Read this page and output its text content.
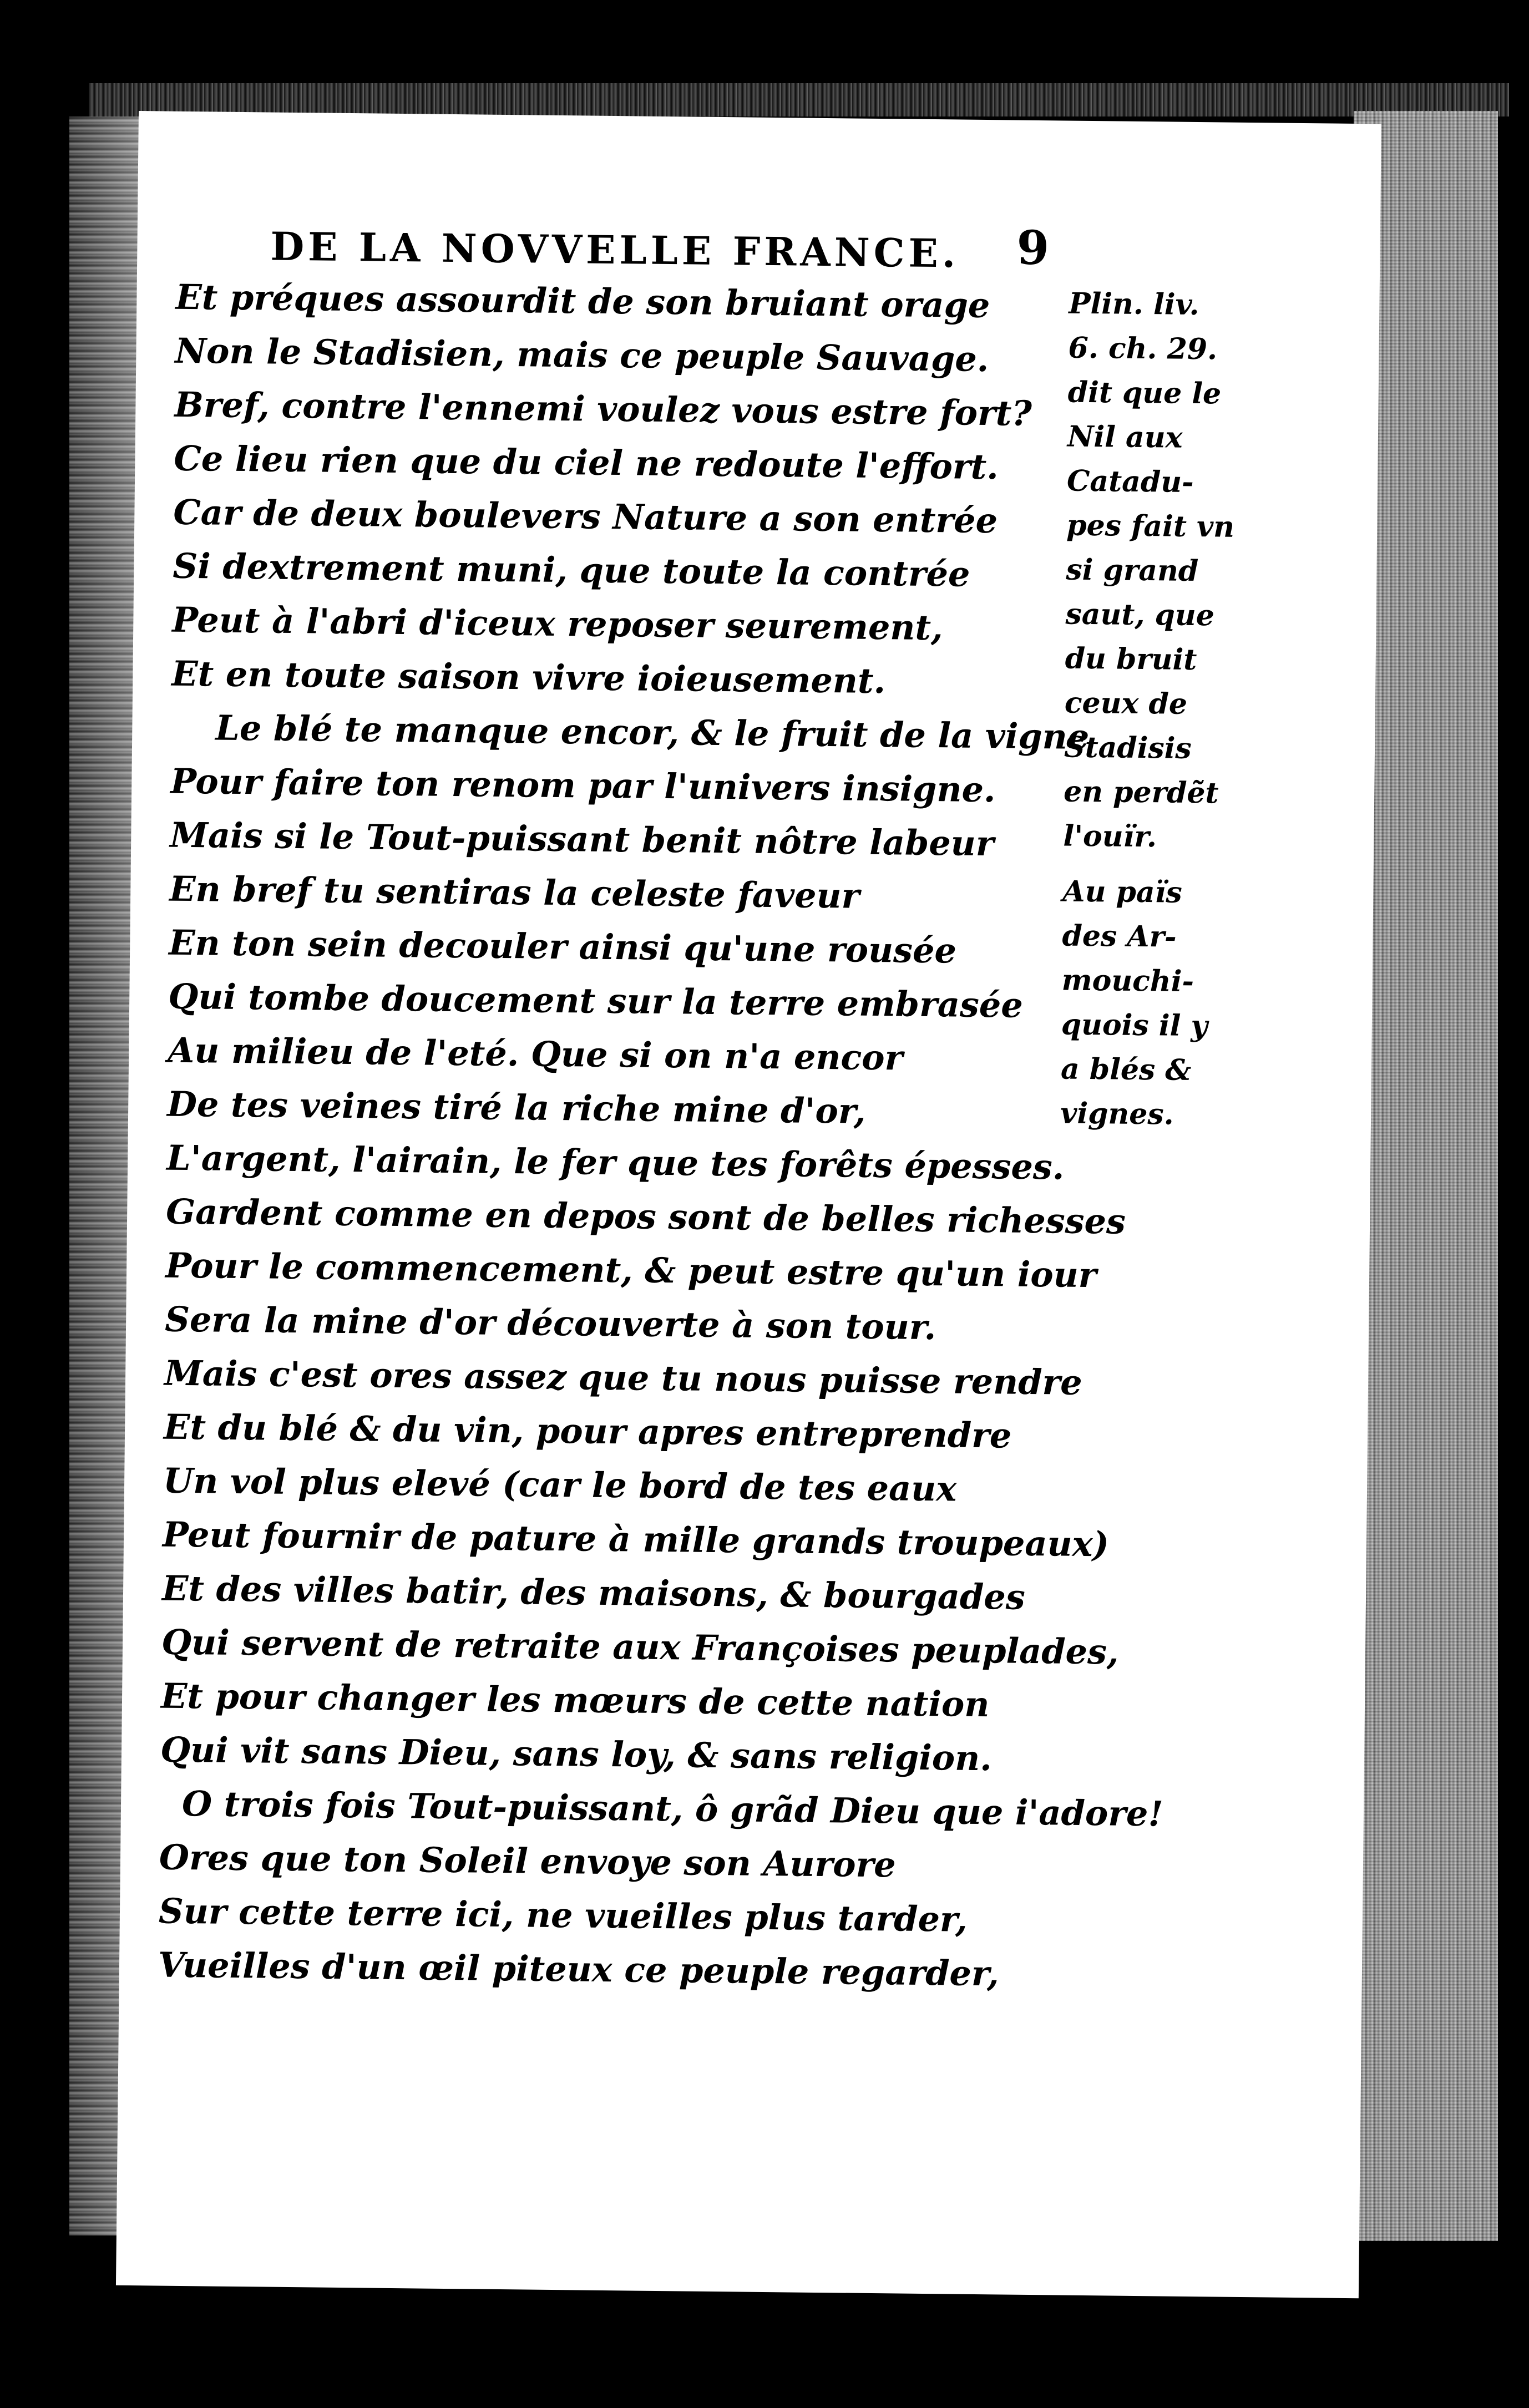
DE LA NOVVELLE FRANCE. 9
Et préques assourdit de son bruiant orage
Non le Stadisien, mais ce peuple Sauvage.
Bref, contre l'ennemi voulez vous estre fort?
Ce lieu rien que du ciel ne redoute l'effort.
Car de deux boulevers Nature a son entrée
Si dextrement muni, que toute la contrée
Peut à l'abri d'iceux reposer seurement,
Et en toute saison vivre ioieusement.
Le blé te manque encor, & le fruit de la vigne
Pour faire ton renom par l'univers insigne.
Mais si le Tout-puissant benit nôtre labeur
En bref tu sentiras la celeste faveur
En ton sein decouler ainsi qu'une rousée
Qui tombe doucement sur la terre embrasée
Au milieu de l'eté. Que si on n'a encor
De tes veines tiré la riche mine d'or,
L'argent, l'airain, le fer que tes forêts épesses.
Gardent comme en depos sont de belles richesses
Pour le commencement, & peut estre qu'un iour
Sera la mine d'or découverte à son tour.
Mais c'est ores assez que tu nous puisse rendre
Et du blé & du vin, pour apres entreprendre
Un vol plus elevé (car le bord de tes eaux
Peut fournir de pature à mille grands troupeaux)
Et des villes batir, des maisons, & bourgades
Qui servent de retraite aux Françoises peuplades,
Et pour changer les mœurs de cette nation
Qui vit sans Dieu, sans loy, & sans religion.
O trois fois Tout-puissant, ô grãd Dieu que i'adore!
Ores que ton Soleil envoye son Aurore
Sur cette terre ici, ne vueilles plus tarder,
Vueilles d'un œil piteux ce peuple regarder,
Plin. liv.
6. ch. 29.
dit que le
Nil aux
Catadu-
pes fait vn
si grand
saut, que
du bruit
ceux de
Stadisis
en perdẽt
l'ouïr.
Au païs
des Ar-
mouchi-
quois il y
a blés &
vignes.
